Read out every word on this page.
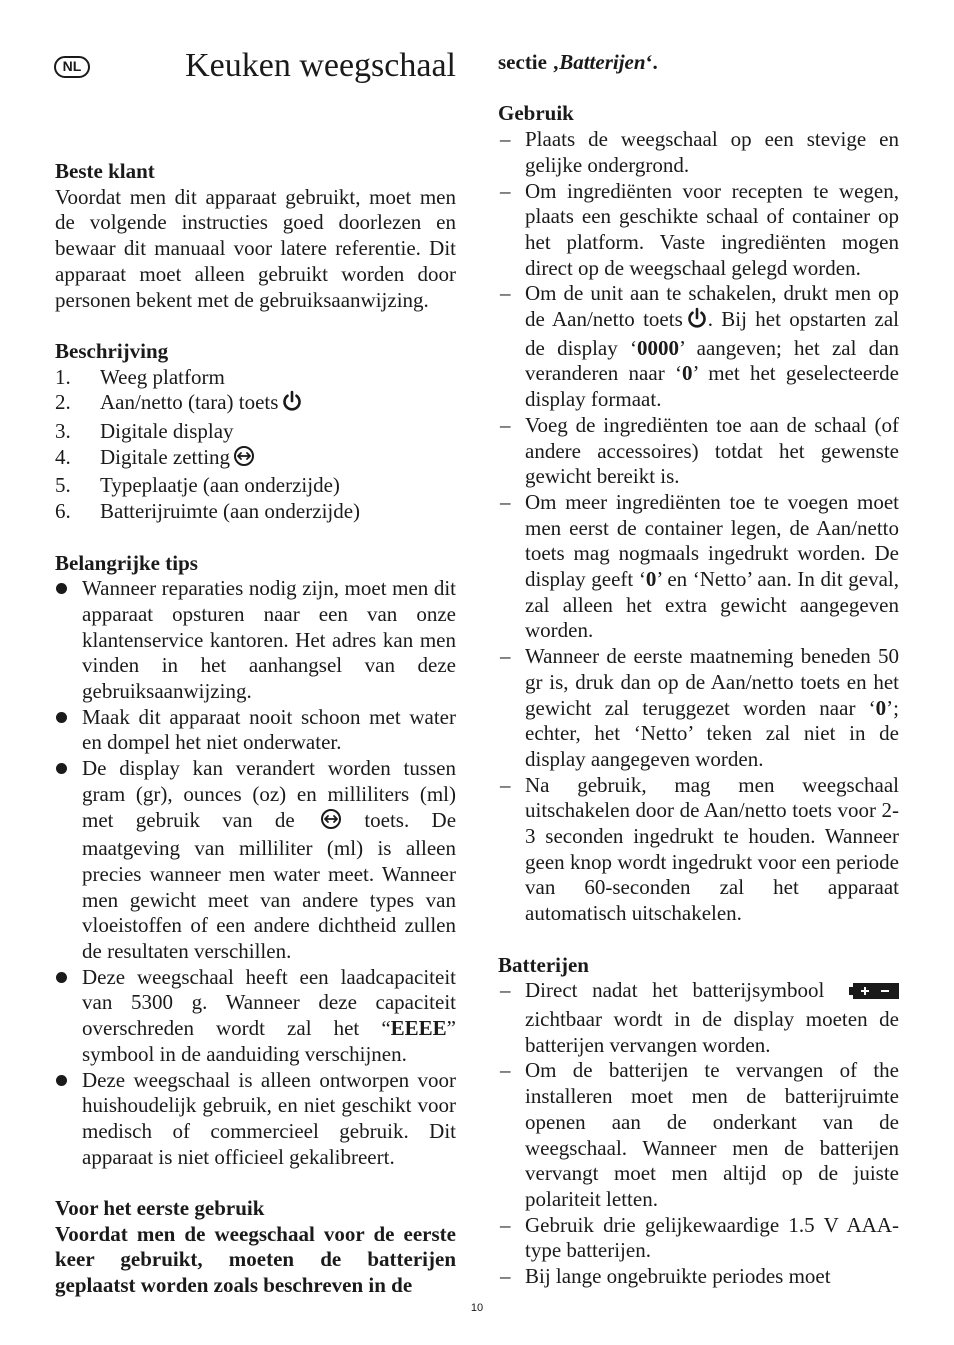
NL	Keuken weegschaal

Beste klant

Voordat men dit apparaat gebruikt, moet men de volgende instructies goed doorlezen en bewaar dit manuaal voor latere referentie. Dit apparaat moet alleen gebruikt worden door personen bekent met de gebruiksaanwijzing.

Beschrijving

1.	Weeg platform
2.	Aan/netto (tara) toets
3.	Digitale display
4.	Digitale zetting
5.	Typeplaatje (aan onderzijde)
6.	Batterijruimte (aan onderzijde)

Belangrijke tips

Wanneer reparaties nodig zijn, moet men dit apparaat opsturen naar een van onze klantenservice kantoren. Het adres kan men vinden in het aanhangsel van deze gebruiksaanwijzing.
Maak dit apparaat nooit schoon met water en dompel het niet onderwater.
De display kan verandert worden tussen gram (gr), ounces (oz) en milliliters (ml) met gebruik van de	toets. De maatgeving van milliliter (ml) is alleen precies wanneer men water meet. Wanneer men gewicht meet van andere types van vloeistoffen of een andere dichtheid zullen de resultaten verschillen.
Deze weegschaal heeft een laadcapaciteit van 5300 g. Wanneer deze capaciteit overschreden wordt zal het “EEEE” symbool in de aanduiding verschijnen.
Deze weegschaal is alleen ontworpen voor huishoudelijk gebruik, en niet geschikt voor medisch of commercieel gebruik. Dit apparaat is niet officieel gekalibreert.

Voor het eerste gebruik

Voordat men de weegschaal voor de eerste keer gebruikt, moeten de batterijen geplaatst worden zoals beschreven in de

sectie ‚Batterijen‘.

Gebruik

– Plaats de weegschaal op een stevige en gelijke ondergrond.
– Om ingrediënten voor recepten te wegen, plaats een geschikte schaal of container op het platform. Vaste ingrediënten mogen direct op de weegschaal gelegd worden.
– Om de unit aan te schakelen, drukt men op de Aan/netto toets . Bij het opstarten zal de display ‘0000’ aangeven; het zal dan veranderen naar ‘0’ met het geselecteerde display formaat.
– Voeg de ingrediënten toe aan de schaal (of andere accessoires) totdat het gewenste gewicht bereikt is.
– Om meer ingrediënten toe te voegen moet men eerst de container legen, de Aan/netto toets mag nogmaals ingedrukt worden. De display geeft ‘0’ en ‘Netto’ aan. In dit geval, zal alleen het extra gewicht aangegeven worden.
– Wanneer de eerste maatneming beneden 50 gr is, druk dan op de Aan/netto toets en het gewicht zal teruggezet worden naar ‘0’; echter, het ‘Netto’ teken zal niet in de display aangegeven worden.
– Na gebruik, mag men weegschaal uitschakelen door de Aan/netto toets voor 2-3 seconden ingedrukt te houden. Wanneer geen knop wordt ingedrukt voor een periode van 60-seconden zal het apparaat automatisch uitschakelen.

Batterijen

– Direct nadat het batterijsymbool  zichtbaar wordt in de display moeten de batterijen vervangen worden.
– Om de batterijen te vervangen of the installeren moet men de batterijruimte openen aan de onderkant van de weegschaal. Wanneer men de batterijen vervangt moet men altijd op de juiste polariteit letten.
– Gebruik drie gelijkewaardige 1.5 V AAA-type batterijen.
– Bij lange ongebruikte periodes moet
10
